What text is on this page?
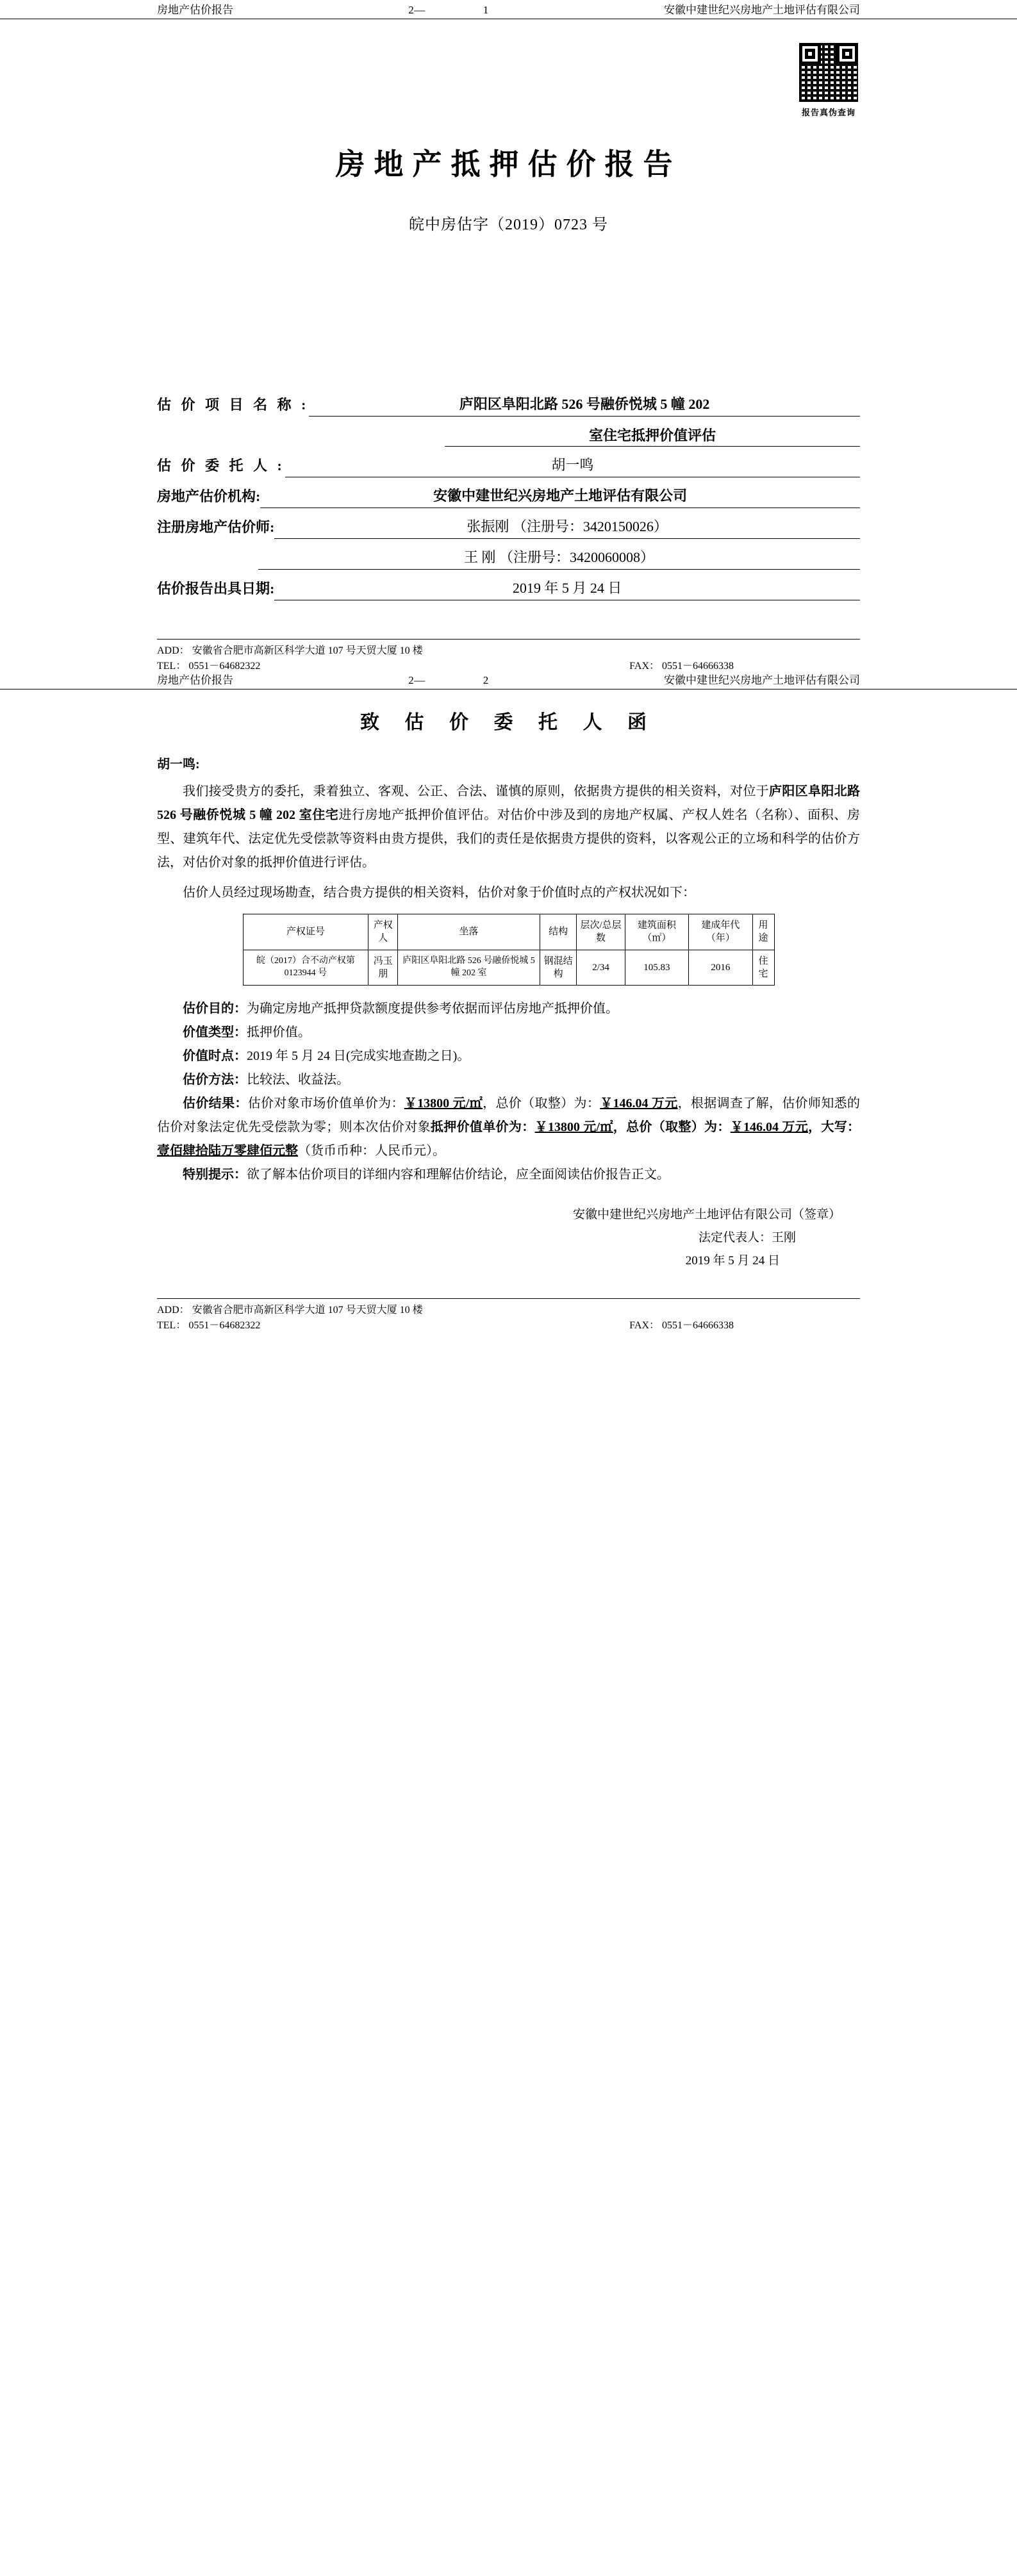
房地产估价报告	2—	1	安徽中建世纪兴房地产土地评估有限公司
报告真伪查询
房地产抵押估价报告
皖中房估字（2019）0723 号
估 价 项 目 名 称 :	庐阳区阜阳北路 526 号融侨悦城 5 幢 202
室住宅抵押价值评估
估 价 委 托 人 :	胡一鸣
房地产估价机构:	安徽中建世纪兴房地产土地评估有限公司
注册房地产估价师:	张振刚 （注册号：3420150026）
王 刚 （注册号：3420060008）
估价报告出具日期:	2019 年 5 月 24 日
ADD： 安徽省合肥市高新区科学大道 107 号天贸大厦 10 楼
TEL： 0551－64682322	FAX： 0551－64666338
房地产估价报告	2—	2	安徽中建世纪兴房地产土地评估有限公司
致 估 价 委 托 人 函
胡一鸣:

我们接受贵方的委托，秉着独立、客观、公正、合法、谨慎的原则，依据贵方提供的相关资料，对位于庐阳区阜阳北路 526 号融侨悦城 5 幢 202 室住宅进行房地产抵押价值评估。对估价中涉及到的房地产权属、产权人姓名（名称）、面积、房型、建筑年代、法定优先受偿款等资料由贵方提供，我们的责任是依据贵方提供的资料，以客观公正的立场和科学的估价方法，对估价对象的抵押价值进行评估。

估价人员经过现场勘查，结合贵方提供的相关资料，估价对象于价值时点的产权状况如下：

产权证号	产权人	坐落	结构	层次/总层数	建筑面积（㎡）	建成年代（年）	用途
皖（2017）合不动产权第 0123944 号	冯玉朋	庐阳区阜阳北路 526 号融侨悦城 5 幢 202 室	钢混结构	2/34	105.83	2016	住宅

估价目的：为确定房地产抵押贷款额度提供参考依据而评估房地产抵押价值。

价值类型：抵押价值。

价值时点：2019 年 5 月 24 日(完成实地查勘之日)。

估价方法：比较法、收益法。

估价结果：估价对象市场价值单价为：￥13800 元/㎡，总价（取整）为：￥146.04 万元，根据调查了解，估价师知悉的估价对象法定优先受偿款为零；则本次估价对象抵押价值单价为：￥13800 元/㎡，总价（取整）为：￥146.04 万元，大写：壹佰肆拾陆万零肆佰元整（货币币种：人民币元）。

特别提示：欲了解本估价项目的详细内容和理解估价结论，应全面阅读估价报告正文。

安徽中建世纪兴房地产土地评估有限公司（签章）
法定代表人：王刚
2019 年 5 月 24 日
ADD： 安徽省合肥市高新区科学大道 107 号天贸大厦 10 楼
TEL： 0551－64682322	FAX： 0551－64666338
